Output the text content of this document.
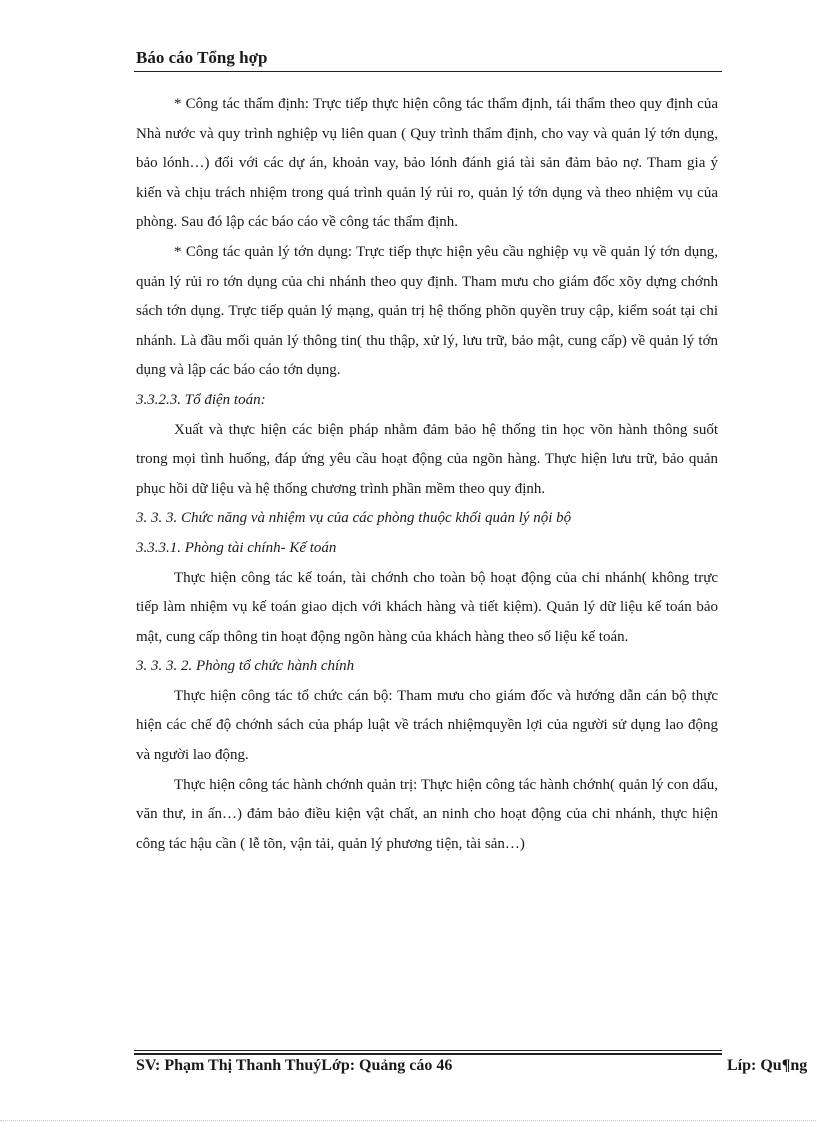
Báo cáo Tổng hợp

* Công tác thẩm định: Trực tiếp thực hiện công tác thẩm định, tái thẩm theo quy định của Nhà nước và quy trình nghiệp vụ liên quan ( Quy trình thẩm định, cho vay và quản lý tớn dụng, bảo lónh…) đối với các dự án, khoản vay, bảo lónh đánh giá tài sản đảm bảo nợ. Tham gia ý kiến và chịu trách nhiệm trong quá trình quản lý rủi ro, quản lý tớn dụng và theo nhiệm vụ của phòng. Sau đó lập các báo cáo về công tác thẩm định.

* Công tác quản lý tớn dụng: Trực tiếp thực hiện yêu cầu nghiệp vụ về quản lý tớn dụng, quản lý rủi ro tớn dụng của chi nhánh theo quy định. Tham mưu cho giám đốc xõy dựng chớnh sách tớn dụng. Trực tiếp quản lý mạng, quản trị hệ thống phõn quyền truy cập, kiểm soát tại chi nhánh. Là đầu mối quản lý thông tin( thu thập, xử lý, lưu trữ, bảo mật, cung cấp) về quản lý tớn dụng và lập các báo cáo tớn dụng.

3.3.2.3. Tổ điện toán:

Xuất và thực hiện các biện pháp nhằm đảm bảo hệ thống tin học võn hành thông suốt trong mọi tình huống, đáp ứng yêu cầu hoạt động của ngõn hàng. Thực hiện lưu trữ, bảo quản phục hồi dữ liệu và hệ thống chương trình phần mềm theo quy định.

3. 3. 3. Chức năng và nhiệm vụ của các phòng thuộc khối quản lý nội bộ

3.3.3.1. Phòng tài chính- Kế toán

Thực hiện công tác kế toán, tài chớnh cho toàn bộ hoạt động của chi nhánh( không trực tiếp làm nhiệm vụ kế toán giao dịch với khách hàng và tiết kiệm). Quản lý dữ liệu kế toán bảo mật, cung cấp thông tin hoạt động ngõn hàng của khách hàng theo số liệu kế toán.

3. 3. 3. 2. Phòng tổ chức hành chính

Thực hiện công tác tổ chức cán bộ: Tham mưu cho giám đốc và hướng dẫn cán bộ thực hiện các chế độ chớnh sách của pháp luật về trách nhiệmquyền lợi của người sử dụng lao động và người lao động.

Thực hiện công tác hành chớnh quản trị: Thực hiện công tác hành chớnh( quản lý con dấu, văn thư, in ấn…) đảm bảo điều kiện vật chất, an ninh cho hoạt động của chi nhánh, thực hiện công tác hậu cần ( lễ tõn, vận tải, quản lý phương tiện, tài sản…)

SV: Phạm Thị Thanh ThuýLớp: Quảng cáo 46	Líp: Qu¶ng
